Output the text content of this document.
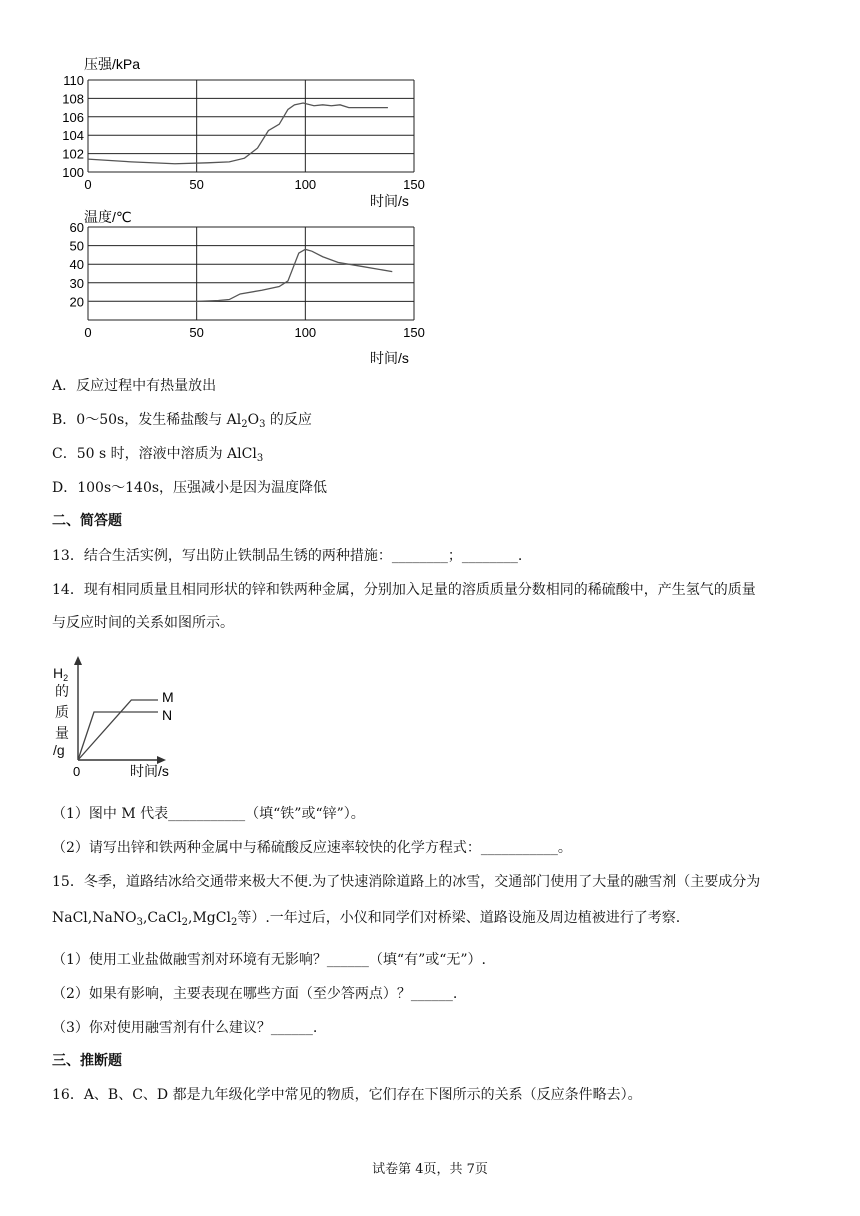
压强/kPa
100
102
104
106
108
110
0	50	100	150
时间/s
温度/℃
20
30
40
50
60
0	50	100	150
时间/s
A．反应过程中有热量放出
B．0～50s，发生稀盐酸与 $Al_2O_3$ 的反应
C．50 s 时，溶液中溶质为 AlCl$_3$
D．100s～140s，压强减小是因为温度降低
二、简答题
13．结合生活实例，写出防止铁制品生锈的两种措施：________；________.
14．现有相同质量且相同形状的锌和铁两种金属，分别加入足量的溶质质量分数相同的稀硫酸中，产生氢气的质量
与反应时间的关系如图所示。
$H_2$
的
质
量
/g
M
N
0	时间/s
（1）图中 M 代表___________（填“铁”或“锌”）。
（2）请写出锌和铁两种金属中与稀硫酸反应速率较快的化学方程式：___________。
15．冬季，道路结冰给交通带来极大不便.为了快速消除道路上的冰雪，交通部门使用了大量的融雪剂（主要成分为
NaCl,NaNO$_3$,CaCl$_2$,MgCl$_2$等）.一年过后，小仪和同学们对桥梁、道路设施及周边植被进行了考察.
（1）使用工业盐做融雪剂对环境有无影响？______（填“有”或“无”）.
（2）如果有影响，主要表现在哪些方面（至少答两点）？______.
（3）你对使用融雪剂有什么建议？______.
三、推断题
16．A、B、C、D 都是九年级化学中常见的物质，它们存在下图所示的关系（反应条件略去）。
试卷第 4页，共 7页
